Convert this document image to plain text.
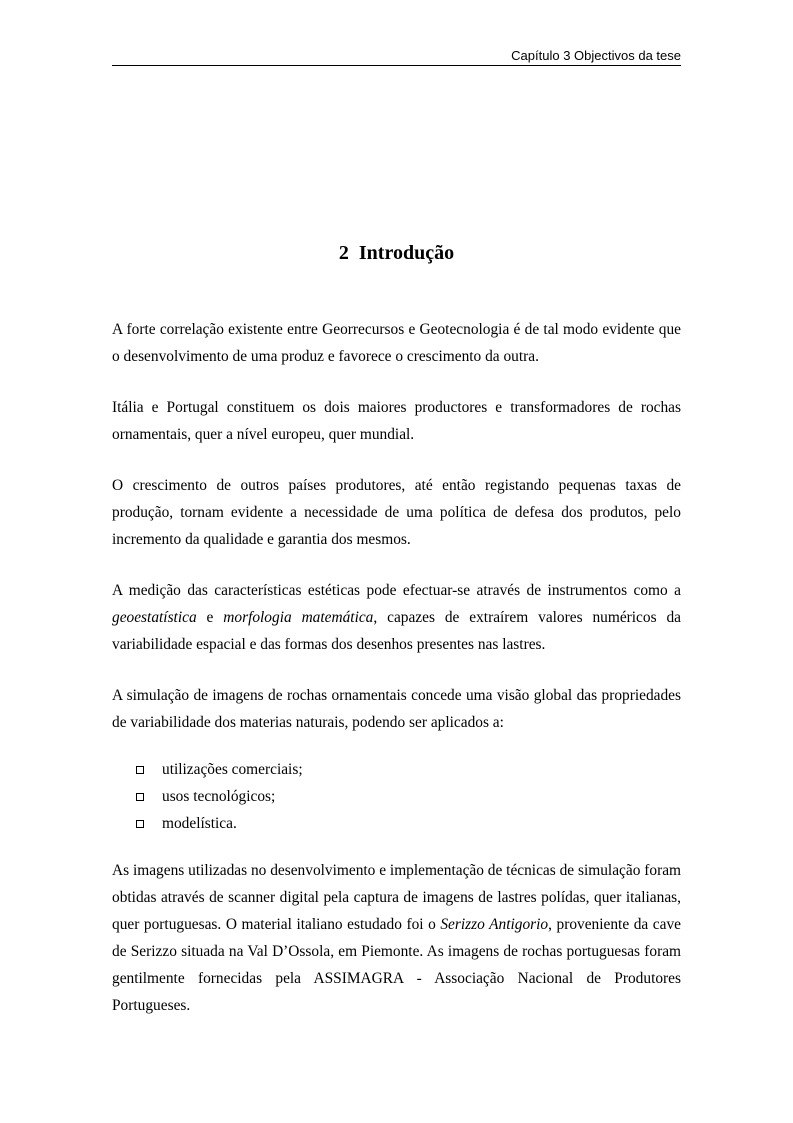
Capítulo 3 Objectivos da tese
2 Introdução

A forte correlação existente entre Georrecursos e Geotecnologia é de tal modo evidente que o desenvolvimento de uma produz e favorece o crescimento da outra.

Itália e Portugal constituem os dois maiores productores e transformadores de rochas ornamentais, quer a nível europeu, quer mundial.

O crescimento de outros países produtores, até então registando pequenas taxas de produção, tornam evidente a necessidade de uma política de defesa dos produtos, pelo incremento da qualidade e garantia dos mesmos.

A medição das características estéticas pode efectuar-se através de instrumentos como a geoestatística e morfologia matemática, capazes de extraírem valores numéricos da variabilidade espacial e das formas dos desenhos presentes nas lastres.

A simulação de imagens de rochas ornamentais concede uma visão global das propriedades de variabilidade dos materias naturais, podendo ser aplicados a:

utilizações comerciais;
usos tecnológicos;
modelística.

As imagens utilizadas no desenvolvimento e implementação de técnicas de simulação foram obtidas através de scanner digital pela captura de imagens de lastres polídas, quer italianas, quer portuguesas. O material italiano estudado foi o Serizzo Antigorio, proveniente da cave de Serizzo situada na Val D’Ossola, em Piemonte. As imagens de rochas portuguesas foram gentilmente fornecidas pela ASSIMAGRA - Associação Nacional de Produtores Portugueses.
